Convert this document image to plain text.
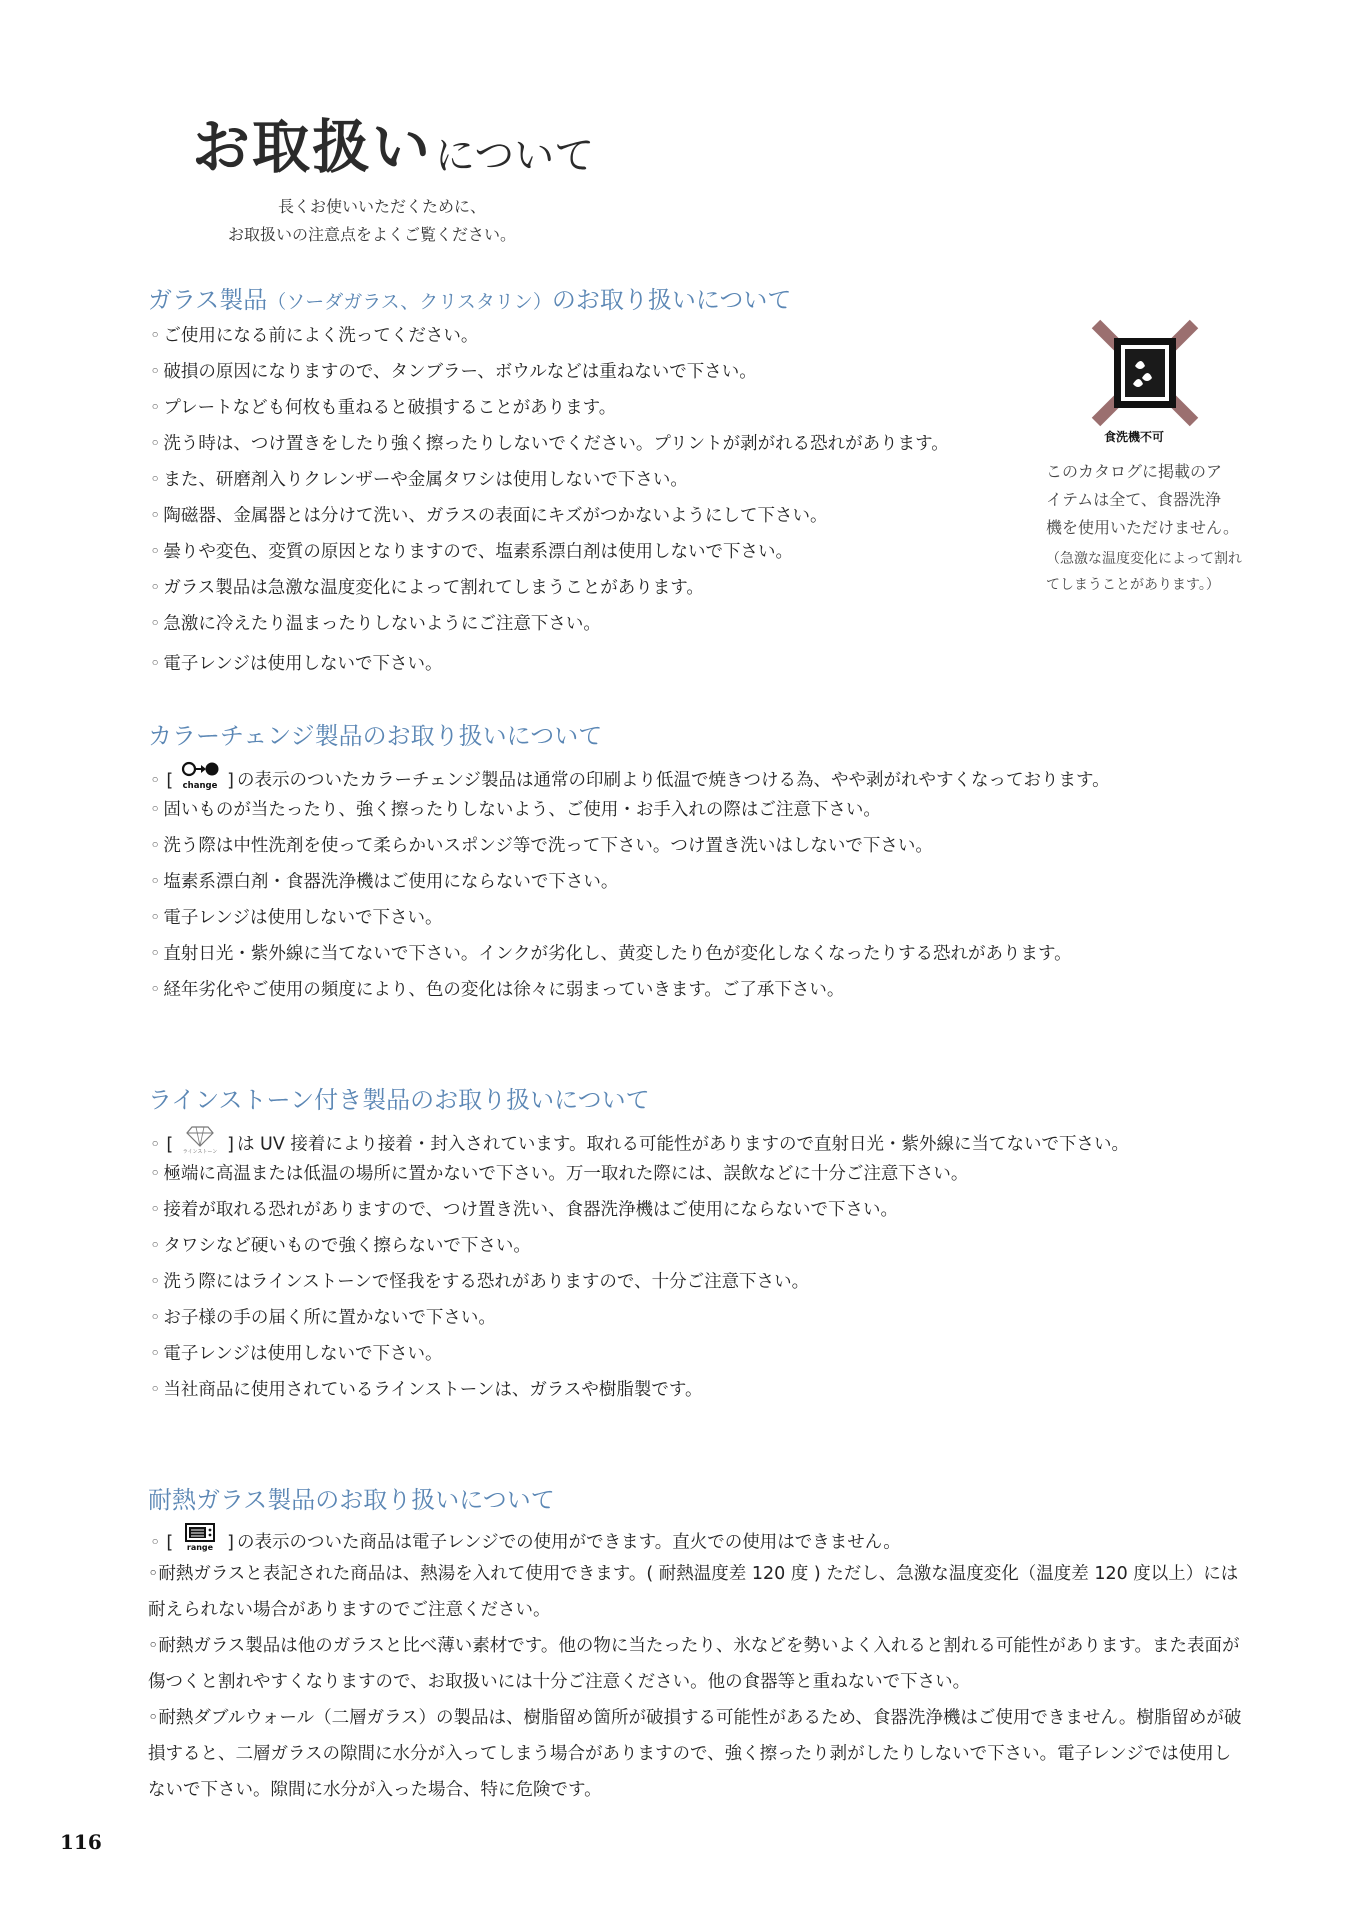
お取扱い について
長くお使いいただくために、
お取扱いの注意点をよくご覧ください。
食洗機不可
このカタログに掲載のア
イテムは全て、食器洗浄
機を使用いただけません。
（急激な温度変化によって割れ
てしまうことがあります。）
ガラス製品（ソーダガラス、クリスタリン）のお取り扱いについて
◦ ご使用になる前によく洗ってください。
◦ 破損の原因になりますので、タンブラー、ボウルなどは重ねないで下さい。
◦ プレートなども何枚も重ねると破損することがあります。
◦ 洗う時は、つけ置きをしたり強く擦ったりしないでください。プリントが剥がれる恐れがあります。
◦ また、研磨剤入りクレンザーや金属タワシは使用しないで下さい。
◦ 陶磁器、金属器とは分けて洗い、ガラスの表面にキズがつかないようにして下さい。
◦ 曇りや変色、変質の原因となりますので、塩素系漂白剤は使用しないで下さい。
◦ ガラス製品は急激な温度変化によって割れてしまうことがあります。
◦ 急激に冷えたり温まったりしないようにご注意下さい。
◦ 電子レンジは使用しないで下さい。
カラーチェンジ製品のお取り扱いについて
◦ [ change ] の表示のついたカラーチェンジ製品は通常の印刷より低温で焼きつける為、やや剥がれやすくなっております。
◦ 固いものが当たったり、強く擦ったりしないよう、ご使用・お手入れの際はご注意下さい。
◦ 洗う際は中性洗剤を使って柔らかいスポンジ等で洗って下さい。つけ置き洗いはしないで下さい。
◦ 塩素系漂白剤・食器洗浄機はご使用にならないで下さい。
◦ 電子レンジは使用しないで下さい。
◦ 直射日光・紫外線に当てないで下さい。インクが劣化し、黄変したり色が変化しなくなったりする恐れがあります。
◦ 経年劣化やご使用の頻度により、色の変化は徐々に弱まっていきます。ご了承下さい。
ラインストーン付き製品のお取り扱いについて
◦ [ ラインストーン ] は UV 接着により接着・封入されています。取れる可能性がありますので直射日光・紫外線に当てないで下さい。
◦ 極端に高温または低温の場所に置かないで下さい。万一取れた際には、誤飲などに十分ご注意下さい。
◦ 接着が取れる恐れがありますので、つけ置き洗い、食器洗浄機はご使用にならないで下さい。
◦ タワシなど硬いもので強く擦らないで下さい。
◦ 洗う際にはラインストーンで怪我をする恐れがありますので、十分ご注意下さい。
◦ お子様の手の届く所に置かないで下さい。
◦ 電子レンジは使用しないで下さい。
◦ 当社商品に使用されているラインストーンは、ガラスや樹脂製です。
耐熱ガラス製品のお取り扱いについて
◦ [ range ] の表示のついた商品は電子レンジでの使用ができます。直火での使用はできません。
◦耐熱ガラスと表記された商品は、熱湯を入れて使用できます。( 耐熱温度差 120 度 ) ただし、急激な温度変化（温度差 120 度以上）には耐えられない場合がありますのでご注意ください。
◦耐熱ガラス製品は他のガラスと比べ薄い素材です。他の物に当たったり、氷などを勢いよく入れると割れる可能性があります。また表面が傷つくと割れやすくなりますので、お取扱いには十分ご注意ください。他の食器等と重ねないで下さい。
◦耐熱ダブルウォール（二層ガラス）の製品は、樹脂留め箇所が破損する可能性があるため、食器洗浄機はご使用できません。樹脂留めが破損すると、二層ガラスの隙間に水分が入ってしまう場合がありますので、強く擦ったり剥がしたりしないで下さい。電子レンジでは使用しないで下さい。隙間に水分が入った場合、特に危険です。
116
